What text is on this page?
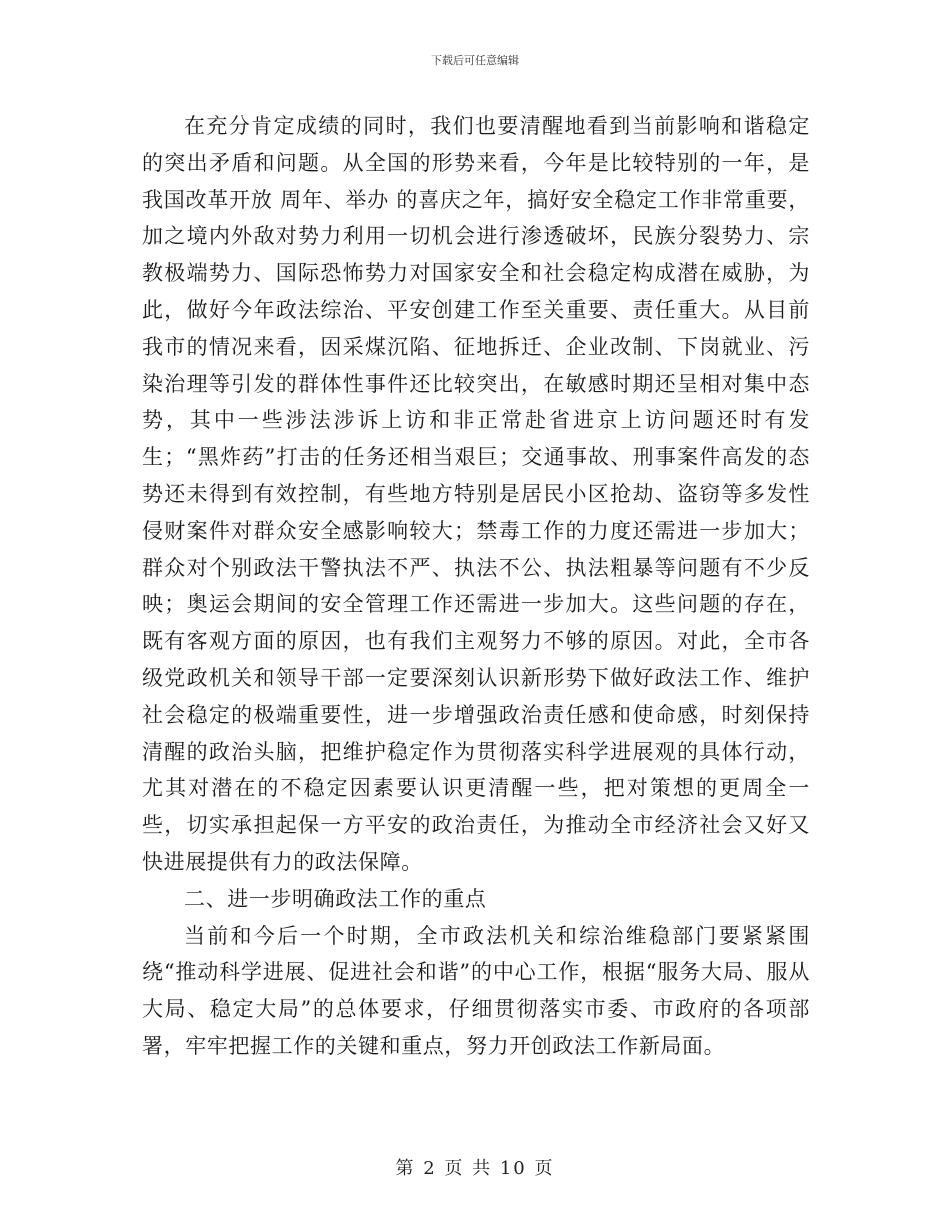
下载后可任意编辑

在充分肯定成绩的同时，我们也要清醒地看到当前影响和谐稳定的突出矛盾和问题。从全国的形势来看，今年是比较特别的一年，是我国改革开放 周年、举办 的喜庆之年，搞好安全稳定工作非常重要，加之境内外敌对势力利用一切机会进行渗透破坏，民族分裂势力、宗教极端势力、国际恐怖势力对国家安全和社会稳定构成潜在威胁，为此，做好今年政法综治、平安创建工作至关重要、责任重大。从目前我市的情况来看，因采煤沉陷、征地拆迁、企业改制、下岗就业、污染治理等引发的群体性事件还比较突出，在敏感时期还呈相对集中态势，其中一些涉法涉诉上访和非正常赴省进京上访问题还时有发生；“黑炸药”打击的任务还相当艰巨；交通事故、刑事案件高发的态势还未得到有效控制，有些地方特别是居民小区抢劫、盗窃等多发性侵财案件对群众安全感影响较大；禁毒工作的力度还需进一步加大；群众对个别政法干警执法不严、执法不公、执法粗暴等问题有不少反映；奥运会期间的安全管理工作还需进一步加大。这些问题的存在，既有客观方面的原因，也有我们主观努力不够的原因。对此，全市各级党政机关和领导干部一定要深刻认识新形势下做好政法工作、维护社会稳定的极端重要性，进一步增强政治责任感和使命感，时刻保持清醒的政治头脑，把维护稳定作为贯彻落实科学进展观的具体行动，尤其对潜在的不稳定因素要认识更清醒一些，把对策想的更周全一些，切实承担起保一方平安的政治责任，为推动全市经济社会又好又快进展提供有力的政法保障。

二、进一步明确政法工作的重点

当前和今后一个时期，全市政法机关和综治维稳部门要紧紧围绕“推动科学进展、促进社会和谐”的中心工作，根据“服务大局、服从大局、稳定大局”的总体要求，仔细贯彻落实市委、市政府的各项部署，牢牢把握工作的关键和重点，努力开创政法工作新局面。

第 2 页 共 10 页
